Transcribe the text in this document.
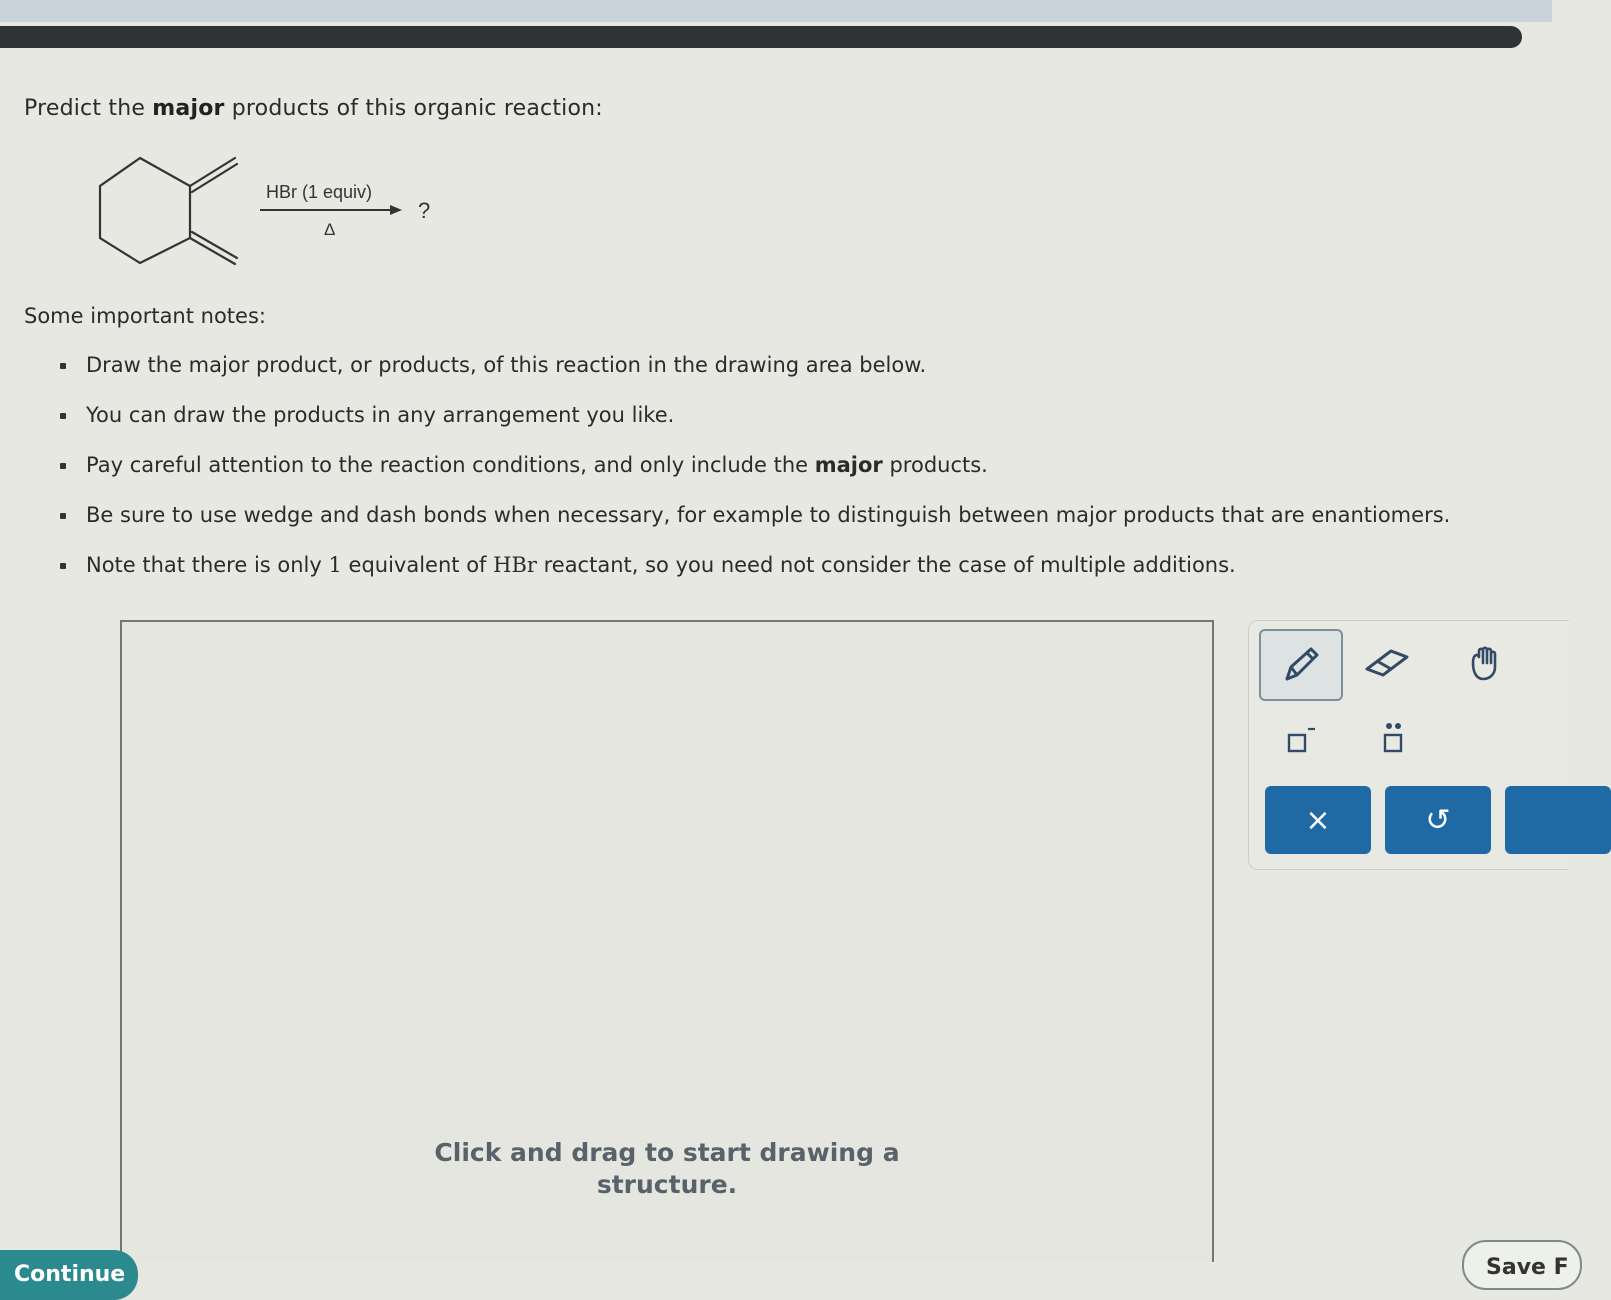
Predict the major products of this organic reaction:
HBr (1 equiv)
Δ
?
Some important notes:
Draw the major product, or products, of this reaction in the drawing area below.
You can draw the products in any arrangement you like.
Pay careful attention to the reaction conditions, and only include the major products.
Be sure to use wedge and dash bonds when necessary, for example to distinguish between major products that are enantiomers.
Note that there is only 1 equivalent of HBr reactant, so you need not consider the case of multiple additions.
Click and drag to start drawing a
structure.
×	↺
Continue	Save F
